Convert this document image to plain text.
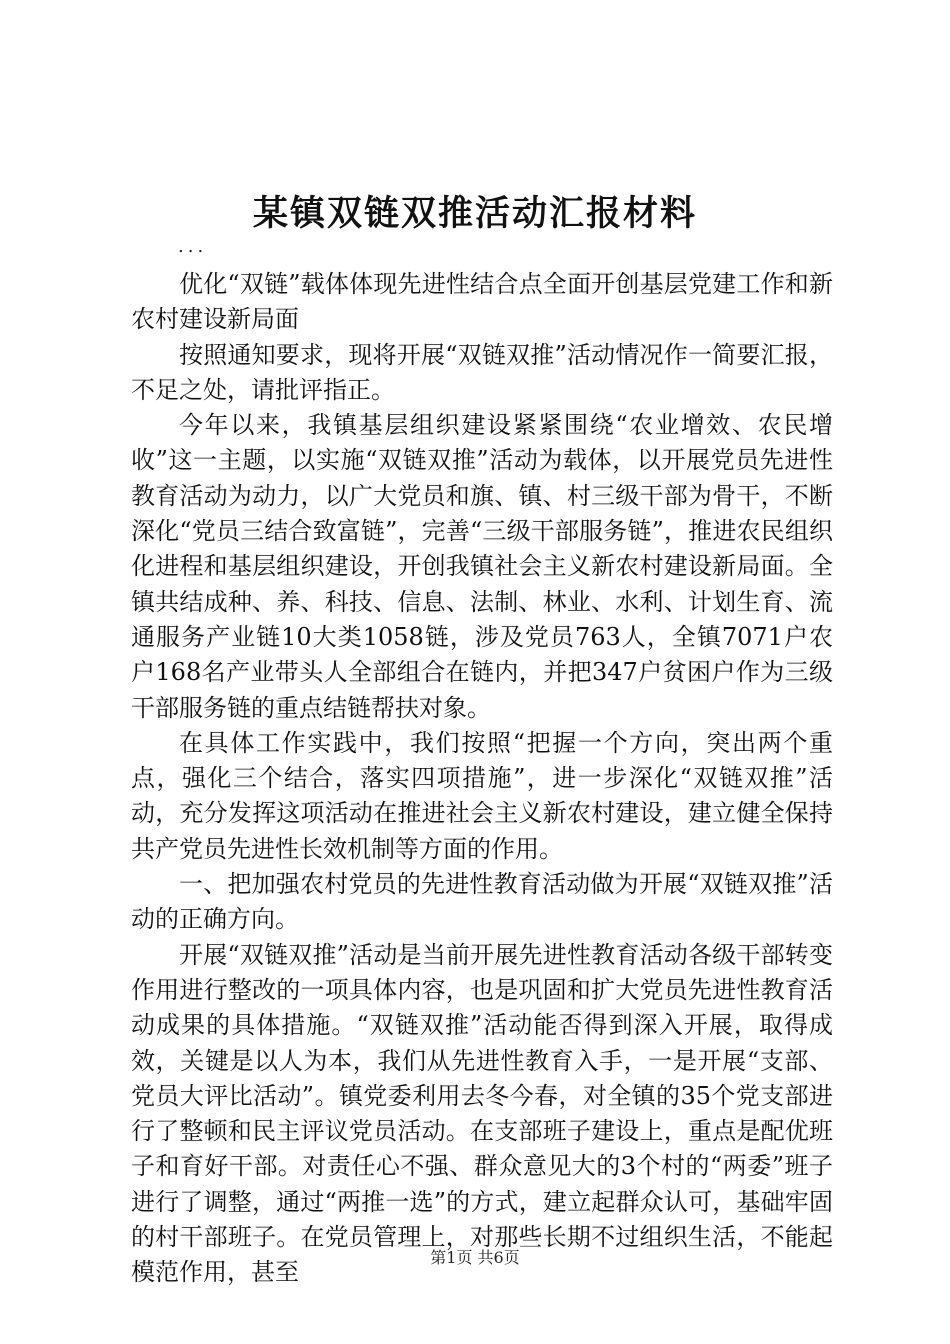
某镇双链双推活动汇报材料
...

优化“双链”载体体现先进性结合点全面开创基层党建工作和新农村建设新局面

按照通知要求，现将开展“双链双推”活动情况作一简要汇报，不足之处，请批评指正。

今年以来，我镇基层组织建设紧紧围绕“农业增效、农民增收”这一主题，以实施“双链双推”活动为载体，以开展党员先进性教育活动为动力，以广大党员和旗、镇、村三级干部为骨干，不断深化“党员三结合致富链”，完善“三级干部服务链”，推进农民组织化进程和基层组织建设，开创我镇社会主义新农村建设新局面。全镇共结成种、养、科技、信息、法制、林业、水利、计划生育、流通服务产业链10大类1058链，涉及党员763人，全镇7071户农户168名产业带头人全部组合在链内，并把347户贫困户作为三级干部服务链的重点结链帮扶对象。

在具体工作实践中，我们按照“把握一个方向，突出两个重点，强化三个结合，落实四项措施”，进一步深化“双链双推”活动，充分发挥这项活动在推进社会主义新农村建设，建立健全保持共产党员先进性长效机制等方面的作用。

一、把加强农村党员的先进性教育活动做为开展“双链双推”活动的正确方向。

开展“双链双推”活动是当前开展先进性教育活动各级干部转变作用进行整改的一项具体内容，也是巩固和扩大党员先进性教育活动成果的具体措施。“双链双推”活动能否得到深入开展，取得成效，关键是以人为本，我们从先进性教育入手，一是开展“支部、党员大评比活动”。镇党委利用去冬今春，对全镇的35个党支部进行了整顿和民主评议党员活动。在支部班子建设上，重点是配优班子和育好干部。对责任心不强、群众意见大的3个村的“两委”班子进行了调整，通过“两推一选”的方式，建立起群众认可，基础牢固的村干部班子。在党员管理上，对那些长期不过组织生活，不能起模范作用，甚至

第1页 共6页
